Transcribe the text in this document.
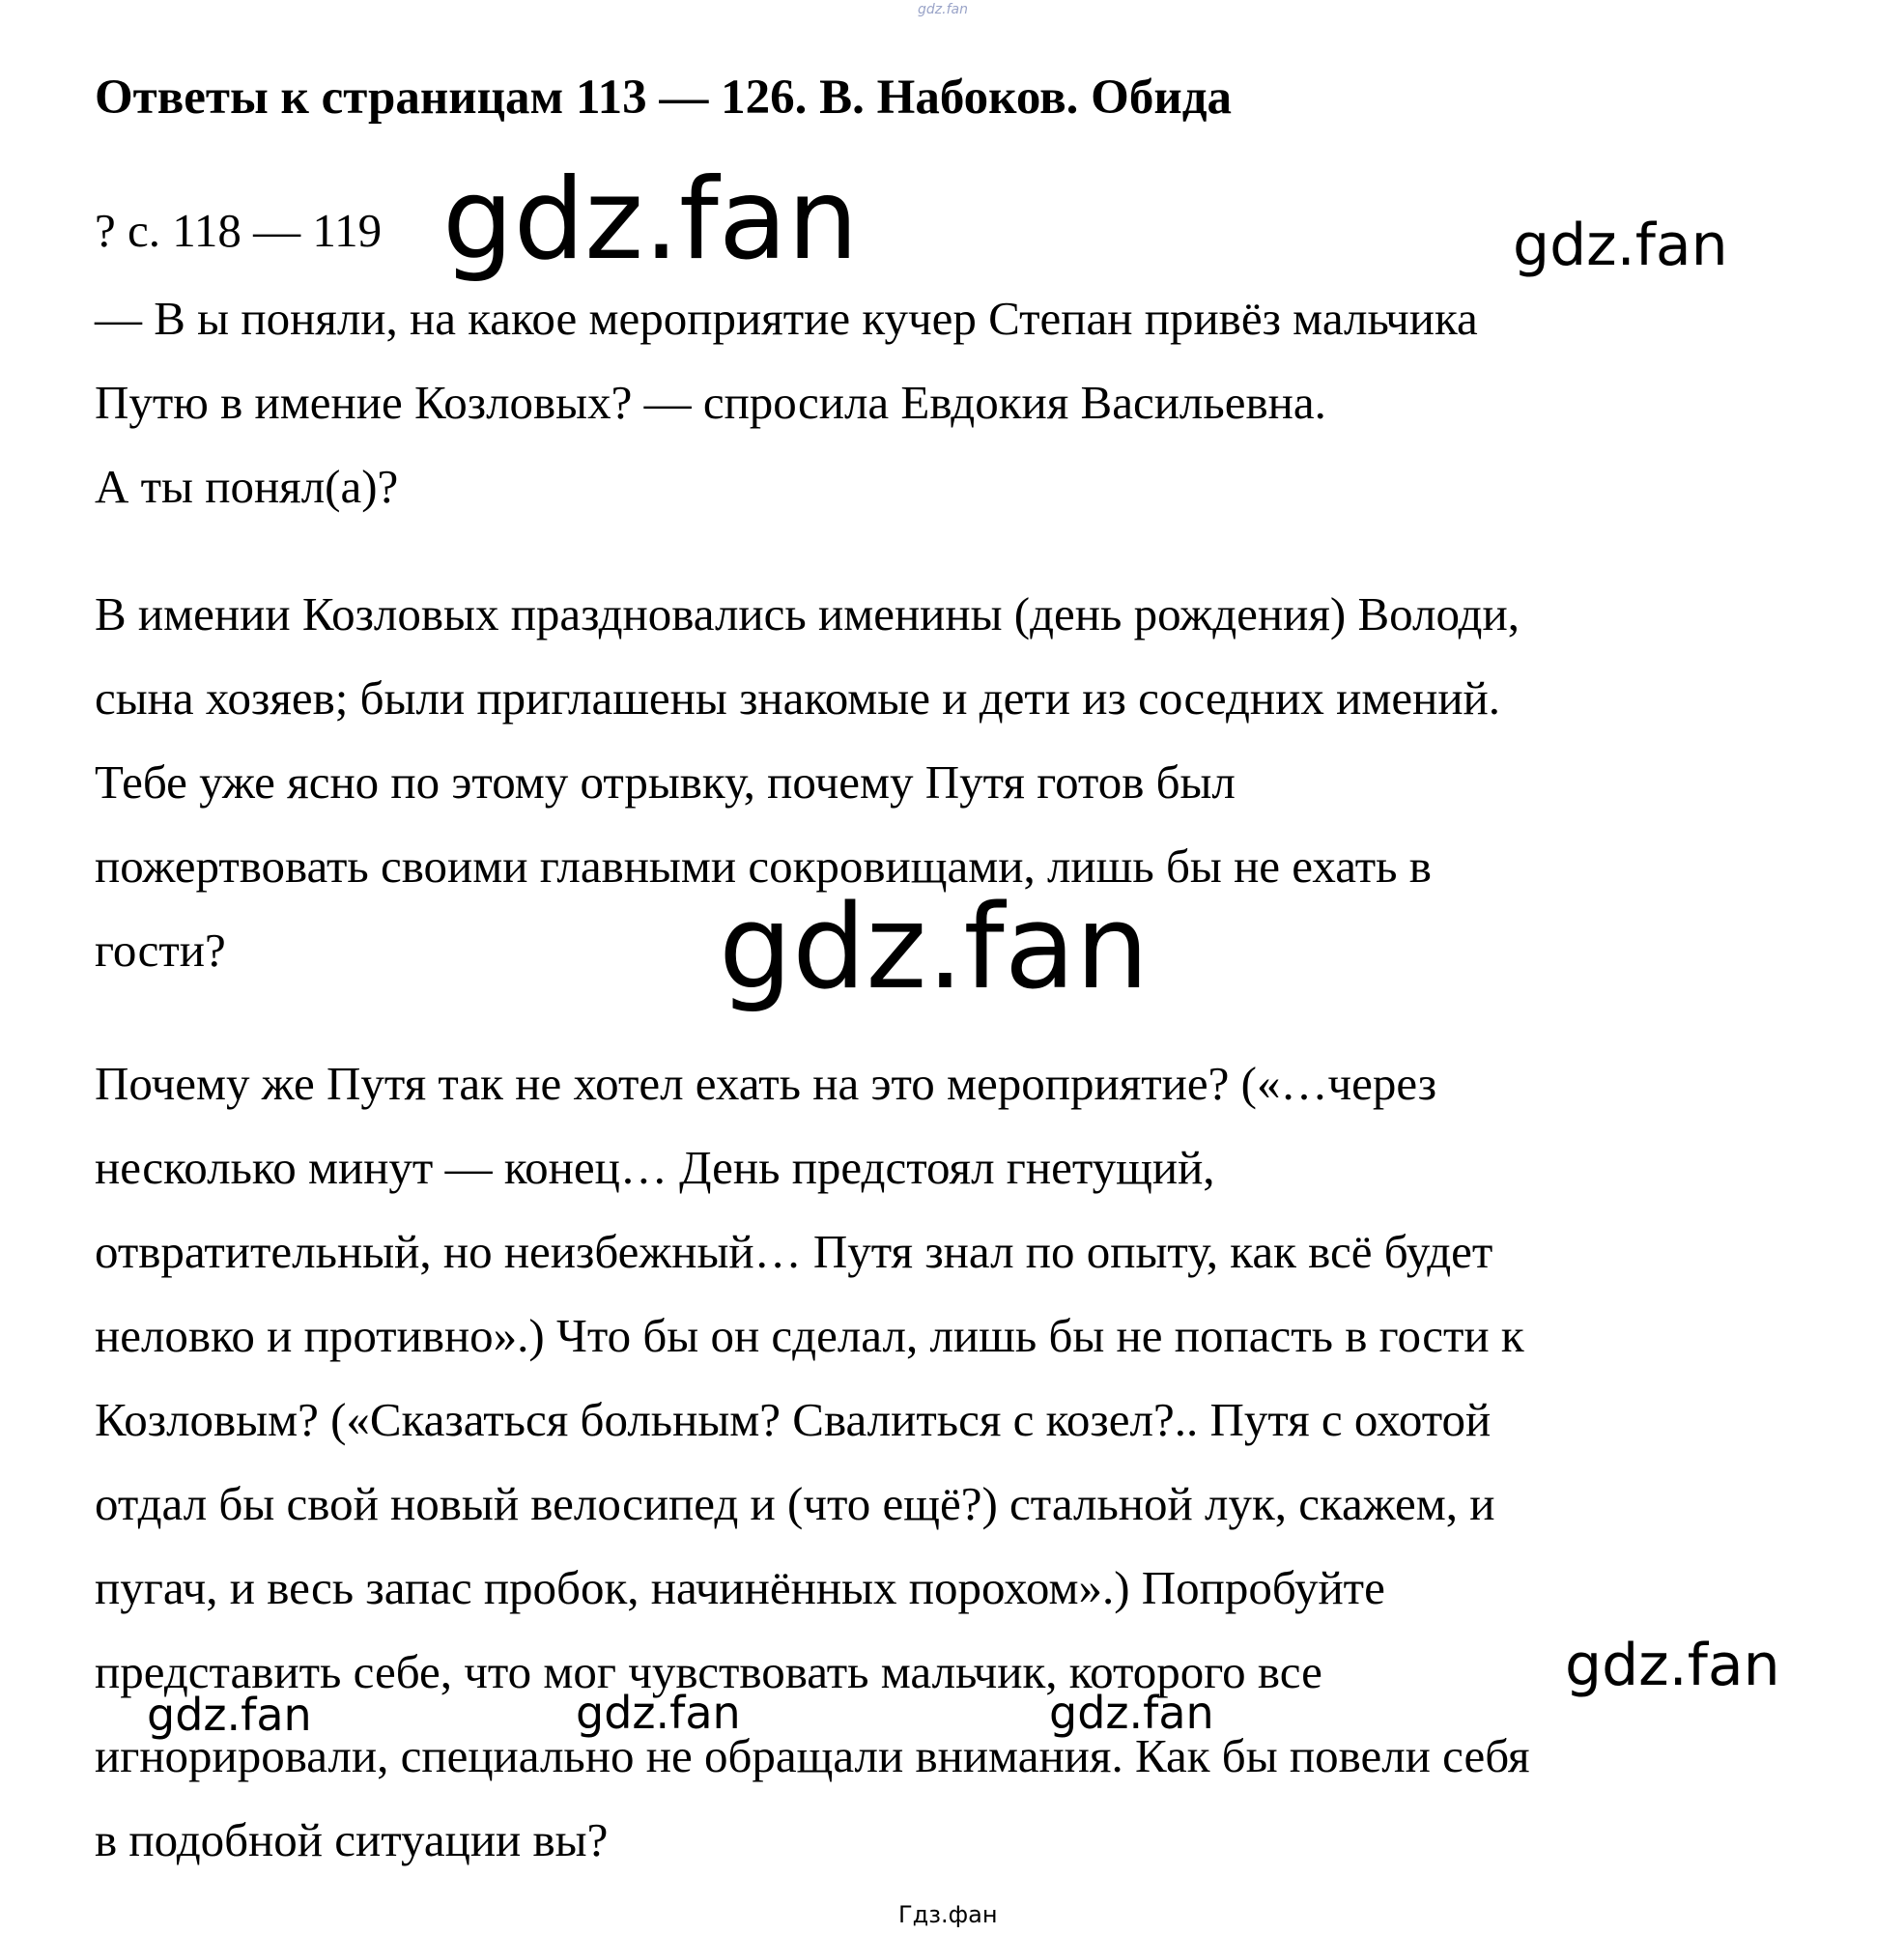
gdz.fan
Ответы к страницам 113 — 126. В. Набоков. Обида
? с. 118 — 119
— В ы поняли, на какое мероприятие кучер Степан привёз мальчика
Путю в имение Козловых? — спросила Евдокия Васильевна.
А ты понял(а)?
В имении Козловых праздновались именины (день рождения) Володи,
сына хозяев; были приглашены знакомые и дети из соседних имений.
Тебе уже ясно по этому отрывку, почему Путя готов был
пожертвовать своими главными сокровищами, лишь бы не ехать в
гости?
Почему же Путя так не хотел ехать на это мероприятие? («…через
несколько минут — конец… День предстоял гнетущий,
отвратительный, но неизбежный… Путя знал по опыту, как всё будет
неловко и противно».) Что бы он сделал, лишь бы не попасть в гости к
Козловым? («Сказаться больным? Свалиться с козел?.. Путя с охотой
отдал бы свой новый велосипед и (что ещё?) стальной лук, скажем, и
пугач, и весь запас пробок, начинённых порохом».) Попробуйте
представить себе, что мог чувствовать мальчик, которого все
игнорировали, специально не обращали внимания. Как бы повели себя
в подобной ситуации вы?
gdz.fan	gdz.fan
gdz.fan
gdz.fan
gdz.fan	gdz.fan	gdz.fan
Гдз.фан
